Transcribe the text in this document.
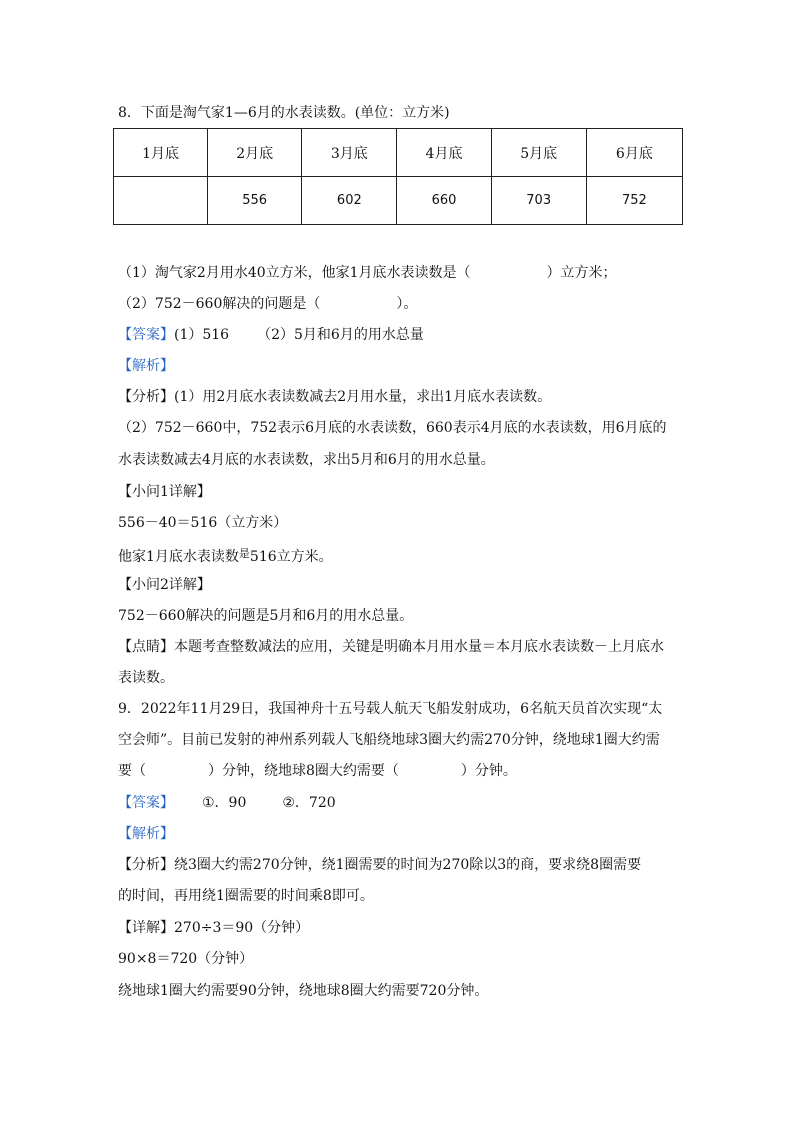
8．下面是淘气家1—6月的水表读数。(单位：立方米)
1月底	2月底	3月底	4月底	5月底	6月底
	556	602	660	703	752
（1）淘气家2月用水40立方米，他家1月底水表读数是（	）立方米；
（2）752－660解决的问题是（	）。
【答案】(1）516 （2）5月和6月的用水总量
【解析】
【分析】(1）用2月底水表读数减去2月用水量，求出1月底水表读数。
（2）752－660中，752表示6月底的水表读数，660表示4月底的水表读数，用6月底的
水表读数减去4月底的水表读数，求出5月和6月的用水总量。
【小问1详解】
556－40＝516（立方米）
他家1月底水表读数$^是$516立方米。
【小问2详解】
752－660解决的问题是5月和6月的用水总量。
【点睛】本题考查整数减法的应用，关键是明确本月用水量＝本月底水表读数－上月底水
表读数。
9．2022年11月29日，我国神舟十五号载人航天飞船发射成功，6名航天员首次实现“太
空会师”。目前已发射的神州系列载人飞船绕地球3圈大约需270分钟，绕地球1圈大约需
要（	）分钟，绕地球8圈大约需要（	）分钟。
【答案】 ①．90	②．720
【解析】
【分析】绕3圈大约需270分钟，绕1圈需要的时间为270除以3的商，要求绕8圈需要
的时间，再用绕1圈需要的时间乘8即可。
【详解】270÷3＝90（分钟）
90×8＝720（分钟）
绕地球1圈大约需要90分钟，绕地球8圈大约需要720分钟。
